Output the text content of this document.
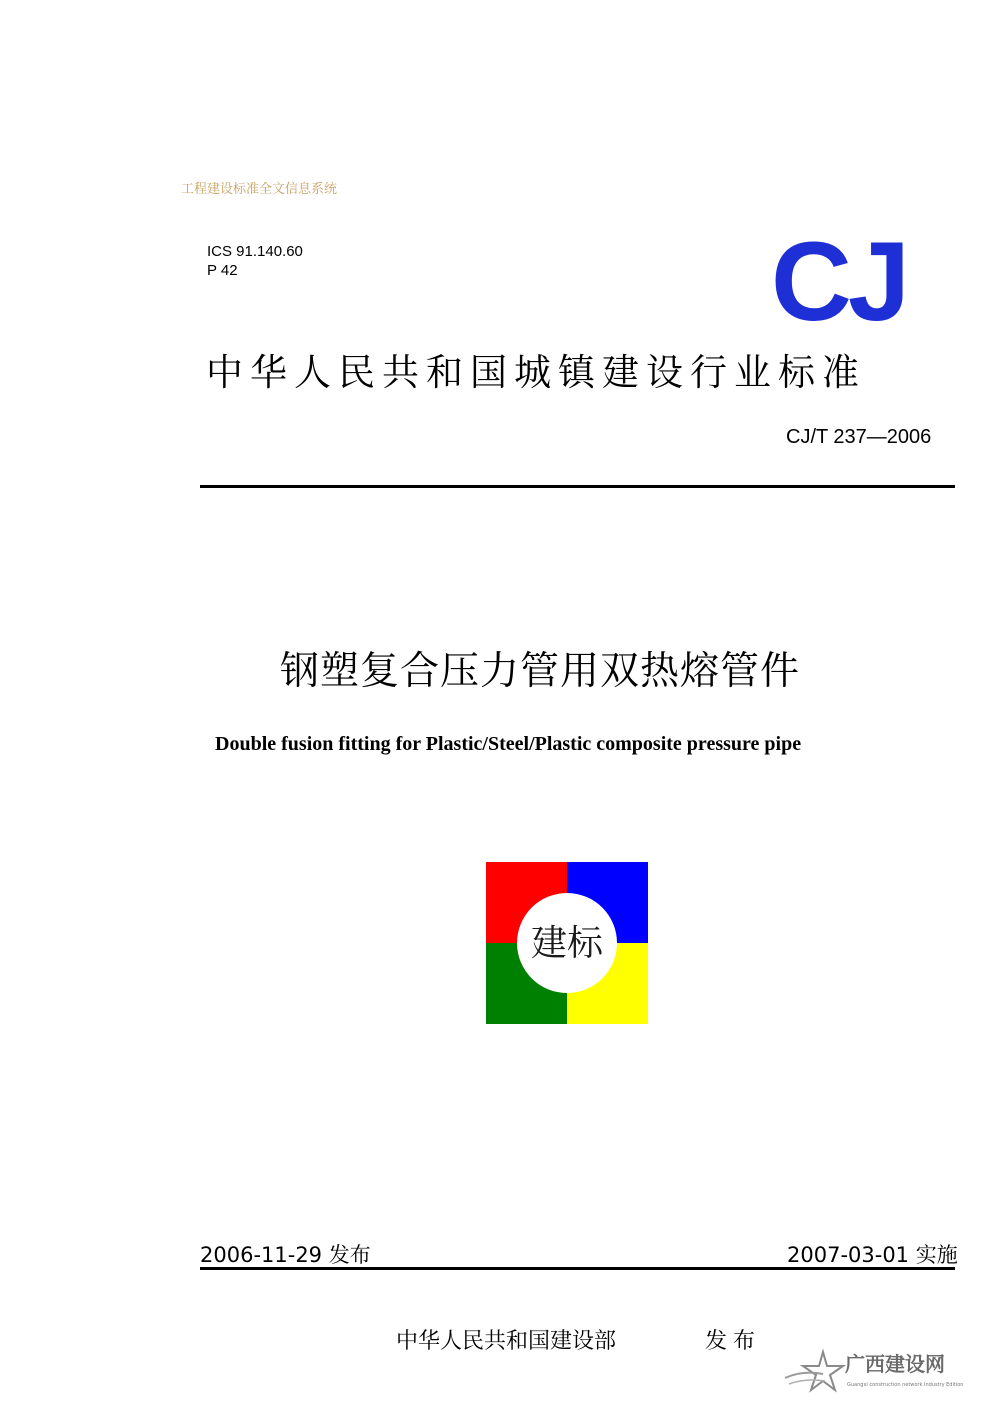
工程建设标准全文信息系统
ICS 91.140.60
P 42	CJ
中华人民共和国城镇建设行业标准
CJ/T 237—2006
钢塑复合压力管用双热熔管件
Double fusion fitting for Plastic/Steel/Plastic composite pressure pipe
建标
2006-11-29 发布	2007-03-01 实施
中华人民共和国建设部	发布
广西建设网
Guangxi construction network Industry Edition
